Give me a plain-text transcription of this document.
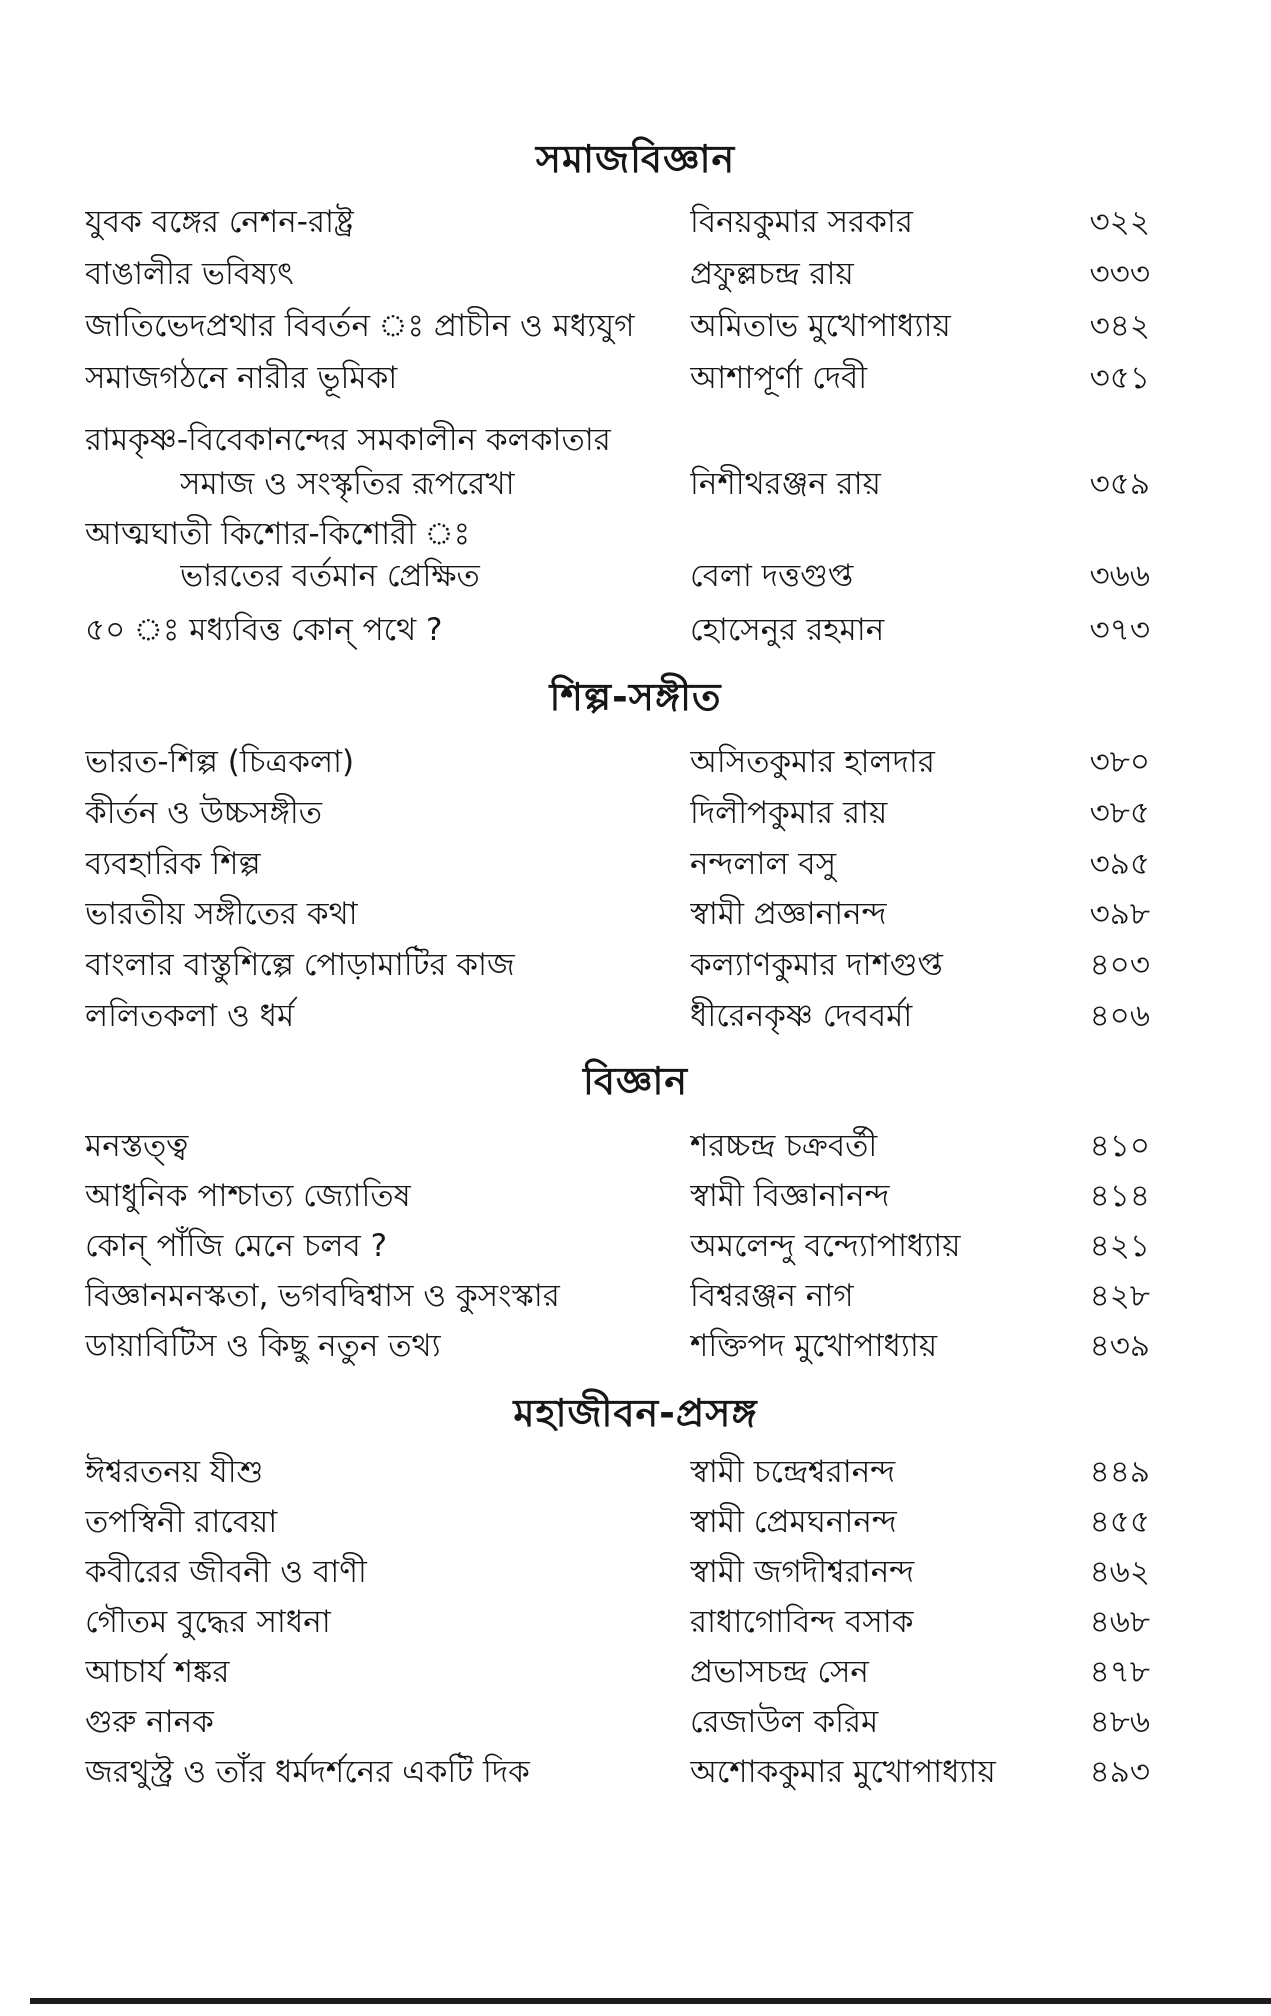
সমাজবিজ্ঞান
যুবক বঙ্গের নেশন-রাষ্ট্র	বিনয়কুমার সরকার	৩২২
বাঙালীর ভবিষ্যৎ	প্রফুল্লচন্দ্র রায়	৩৩৩
জাতিভেদপ্রথার বিবর্তন ঃ প্রাচীন ও মধ্যযুগ	অমিতাভ মুখোপাধ্যায়	৩৪২
সমাজগঠনে নারীর ভূমিকা	আশাপূর্ণা দেবী	৩৫১
রামকৃষ্ণ-বিবেকানন্দের সমকালীন কলকাতার
সমাজ ও সংস্কৃতির রূপরেখা	নিশীথরঞ্জন রায়	৩৫৯
আত্মঘাতী কিশোর-কিশোরী ঃ
ভারতের বর্তমান প্রেক্ষিত	বেলা দত্তগুপ্ত	৩৬৬
৫০ ঃ মধ্যবিত্ত কোন্ পথে ?	হোসেনুর রহমান	৩৭৩
শিল্প-সঙ্গীত
ভারত-শিল্প (চিত্রকলা)	অসিতকুমার হালদার	৩৮০
কীর্তন ও উচ্চসঙ্গীত	দিলীপকুমার রায়	৩৮৫
ব্যবহারিক শিল্প	নন্দলাল বসু	৩৯৫
ভারতীয় সঙ্গীতের কথা	স্বামী প্রজ্ঞানানন্দ	৩৯৮
বাংলার বাস্তুশিল্পে পোড়ামাটির কাজ	কল্যাণকুমার দাশগুপ্ত	৪০৩
ললিতকলা ও ধর্ম	ধীরেনকৃষ্ণ দেববর্মা	৪০৬
বিজ্ঞান
মনস্তত্ত্ব	শরচ্চন্দ্র চক্রবর্তী	৪১০
আধুনিক পাশ্চাত্য জ্যোতিষ	স্বামী বিজ্ঞানানন্দ	৪১৪
কোন্ পাঁজি মেনে চলব ?	অমলেন্দু বন্দ্যোপাধ্যায়	৪২১
বিজ্ঞানমনস্কতা, ভগবদ্বিশ্বাস ও কুসংস্কার	বিশ্বরঞ্জন নাগ	৪২৮
ডায়াবিটিস ও কিছু নতুন তথ্য	শক্তিপদ মুখোপাধ্যায়	৪৩৯
মহাজীবন-প্রসঙ্গ
ঈশ্বরতনয় যীশু	স্বামী চন্দ্রেশ্বরানন্দ	৪৪৯
তপস্বিনী রাবেয়া	স্বামী প্রেমঘনানন্দ	৪৫৫
কবীরের জীবনী ও বাণী	স্বামী জগদীশ্বরানন্দ	৪৬২
গৌতম বুদ্ধের সাধনা	রাধাগোবিন্দ বসাক	৪৬৮
আচার্য শঙ্কর	প্রভাসচন্দ্র সেন	৪৭৮
গুরু নানক	রেজাউল করিম	৪৮৬
জরথুস্ট্র ও তাঁর ধর্মদর্শনের একটি দিক	অশোককুমার মুখোপাধ্যায়	৪৯৩
